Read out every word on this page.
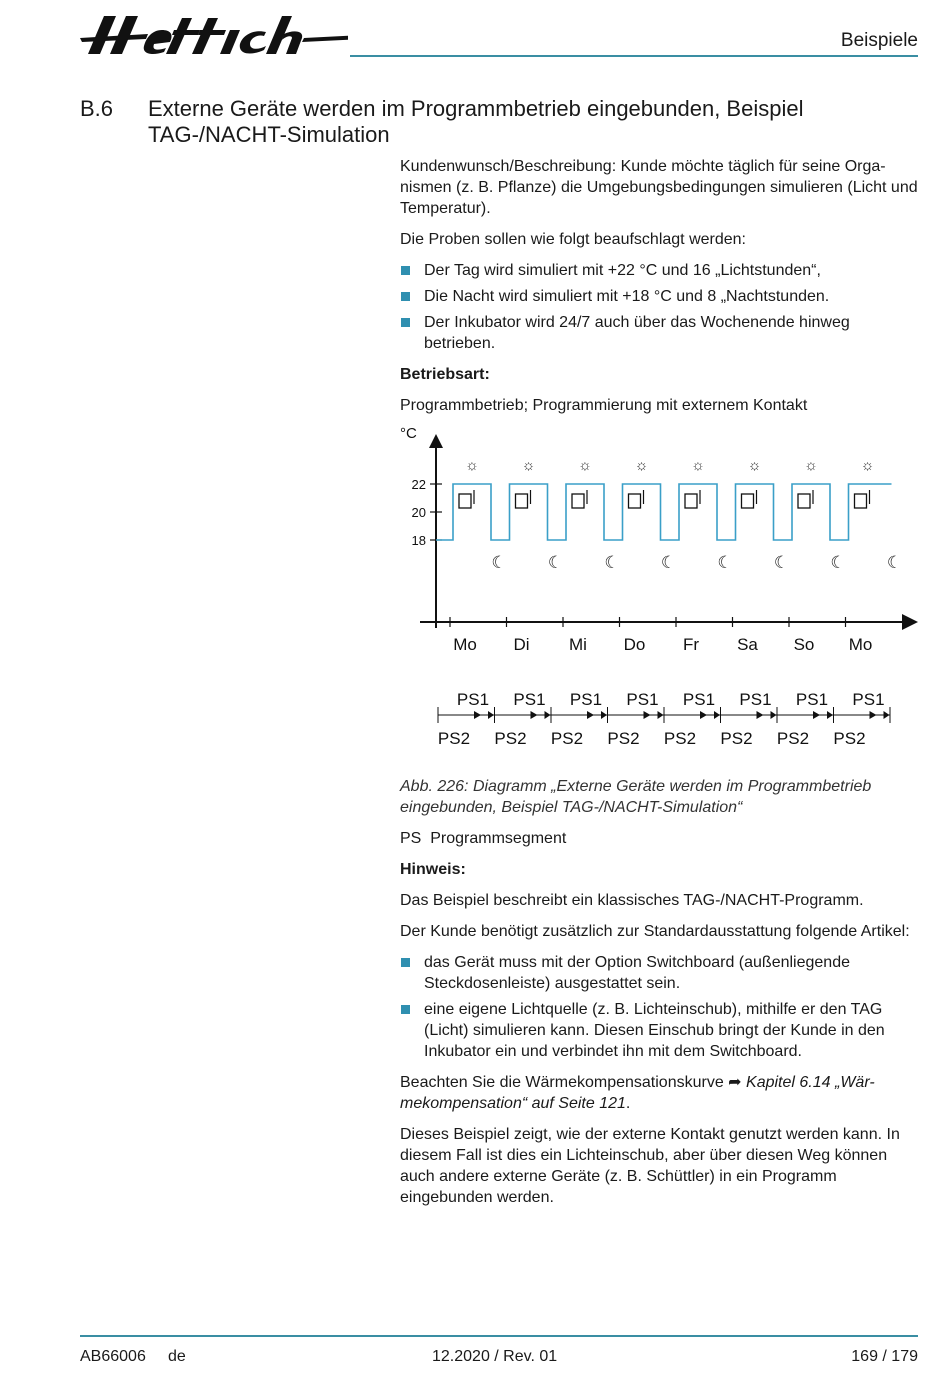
Beispiele
B.6 Externe Geräte werden im Programmbetrieb eingebunden, Beispiel TAG-/NACHT-Simulation

Kundenwunsch/Beschreibung: Kunde möchte täglich für seine Orga-nismen (z. B. Pflanze) die Umgebungsbedingungen simulieren (Licht und Temperatur).

Die Proben sollen wie folgt beaufschlagt werden:

Der Tag wird simuliert mit +22 °C und 16 „Lichtstunden“,
Die Nacht wird simuliert mit +18 °C und 8 „Nachtstunden.
Der Inkubator wird 24/7 auch über das Wochenende hinweg betrieben.

Betriebsart:

Programmbetrieb; Programmierung mit externem Kontakt

°C
22
20
18
☼
☾
Mo
☼
☾
Di
☼
☾
Mi
☼
☾
Do
☼
☾
Fr
☼
☾
Sa
☼
☾
So
☼
☾
Mo
PS1
PS2
PS1
PS2
PS1
PS2
PS1
PS2
PS1
PS2
PS1
PS2
PS1
PS2
PS1
PS2

Abb. 226: Diagramm „Externe Geräte werden im Programmbetrieb eingebunden, Beispiel TAG-/NACHT-Simulation“

PS Programmsegment

Hinweis:

Das Beispiel beschreibt ein klassisches TAG-/NACHT-Programm.

Der Kunde benötigt zusätzlich zur Standardausstattung folgende Artikel:

das Gerät muss mit der Option Switchboard (außenliegende Steckdosenleiste) ausgestattet sein.
eine eigene Lichtquelle (z. B. Lichteinschub), mithilfe er den TAG (Licht) simulieren kann. Diesen Einschub bringt der Kunde in den Inkubator ein und verbindet ihn mit dem Switchboard.

Beachten Sie die Wärmekompensationskurve ➦ Kapitel 6.14 „Wär-mekompensation“ auf Seite 121.

Dieses Beispiel zeigt, wie der externe Kontakt genutzt werden kann. In diesem Fall ist dies ein Lichteinschub, aber über diesen Weg können auch andere externe Geräte (z. B. Schüttler) in ein Programm eingebunden werden.

AB66006 de	12.2020 / Rev. 01	169 / 179
